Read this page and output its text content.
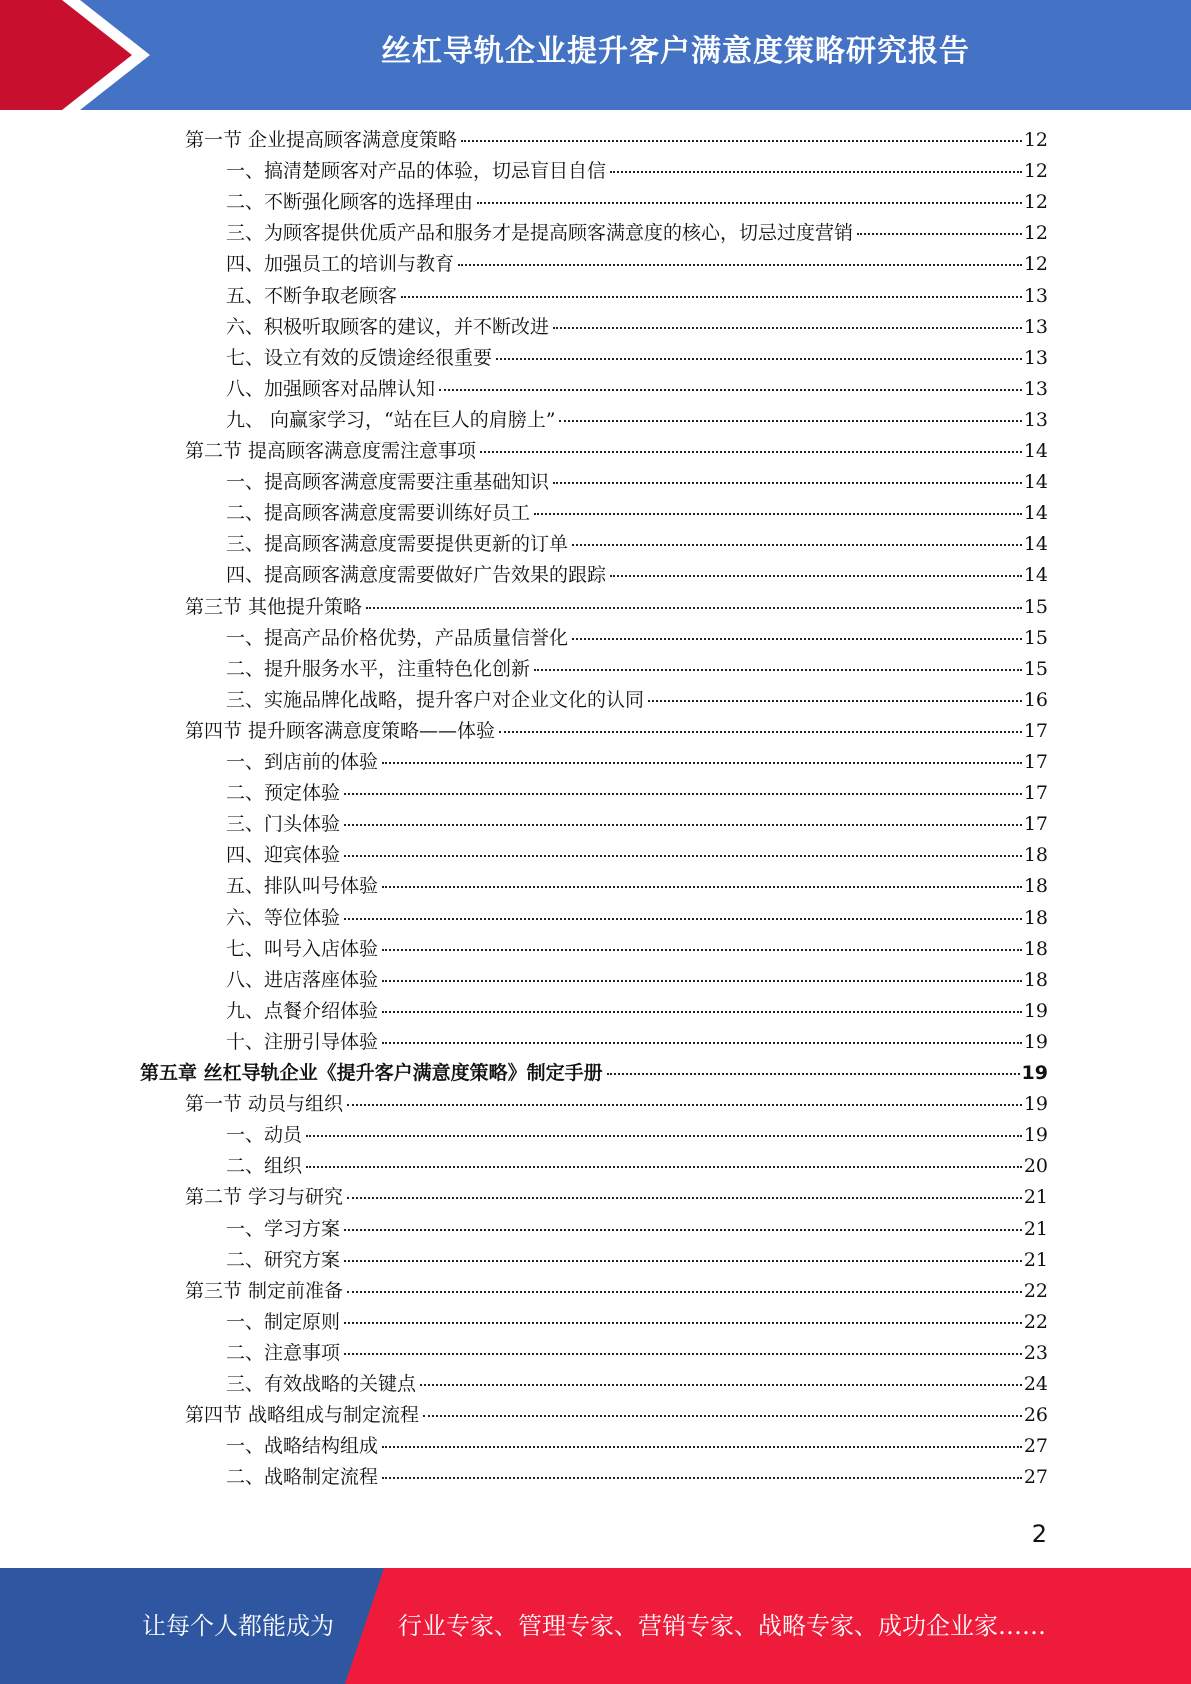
丝杠导轨企业提升客户满意度策略研究报告
第一节 企业提高顾客满意度策略	12
一、搞清楚顾客对产品的体验，切忌盲目自信	12
二、不断强化顾客的选择理由	12
三、为顾客提供优质产品和服务才是提高顾客满意度的核心，切忌过度营销	12
四、加强员工的培训与教育	12
五、不断争取老顾客	13
六、积极听取顾客的建议，并不断改进	13
七、设立有效的反馈途经很重要	13
八、加强顾客对品牌认知	13
九、 向赢家学习，“站在巨人的肩膀上”	13
第二节 提高顾客满意度需注意事项	14
一、提高顾客满意度需要注重基础知识	14
二、提高顾客满意度需要训练好员工	14
三、提高顾客满意度需要提供更新的订单	14
四、提高顾客满意度需要做好广告效果的跟踪	14
第三节 其他提升策略	15
一、提高产品价格优势，产品质量信誉化	15
二、提升服务水平，注重特色化创新	15
三、实施品牌化战略，提升客户对企业文化的认同	16
第四节 提升顾客满意度策略——体验	17
一、到店前的体验	17
二、预定体验	17
三、门头体验	17
四、迎宾体验	18
五、排队叫号体验	18
六、等位体验	18
七、叫号入店体验	18
八、进店落座体验	18
九、点餐介绍体验	19
十、注册引导体验	19
第五章 丝杠导轨企业《提升客户满意度策略》制定手册	19
第一节 动员与组织	19
一、动员	19
二、组织	20
第二节 学习与研究	21
一、学习方案	21
二、研究方案	21
第三节 制定前准备	22
一、制定原则	22
二、注意事项	23
三、有效战略的关键点	24
第四节 战略组成与制定流程	26
一、战略结构组成	27
二、战略制定流程	27
2
让每个人都能成为	行业专家、管理专家、营销专家、战略专家、成功企业家……
